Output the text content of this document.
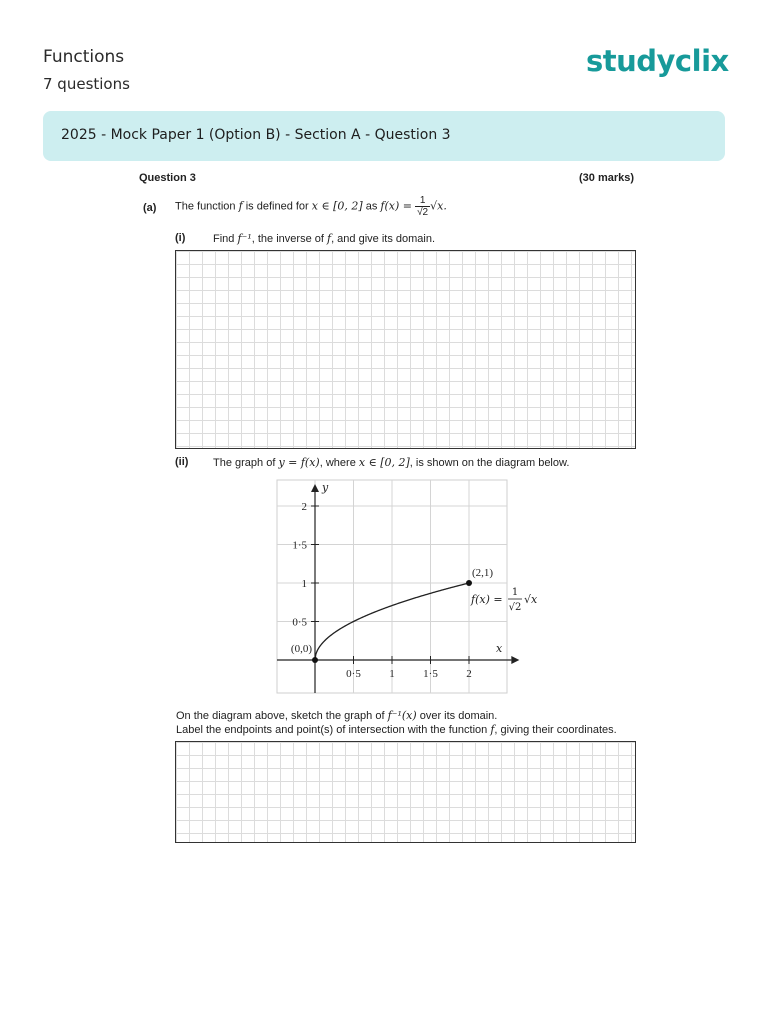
Functions
7 questions
studyclix
2025 - Mock Paper 1 (Option B) - Section A - Question 3
Question 3	(30 marks)
(a) The function f is defined for x ∈ [0, 2] as $f(x) = \frac{1}{√2} √x$.
(i)	Find f⁻¹, the inverse of f, and give its domain.
(ii) The graph of y = f(x), where x ∈ [0, 2], is shown on the diagram below.
0·5	1	1·5	2
0·5
1
1·5
2
x
y
(0,0)
(2,1)
f(x) =
1
√2
√x
On the diagram above, sketch the graph of f⁻¹(x) over its domain.
Label the endpoints and point(s) of intersection with the function f, giving their coordinates.
